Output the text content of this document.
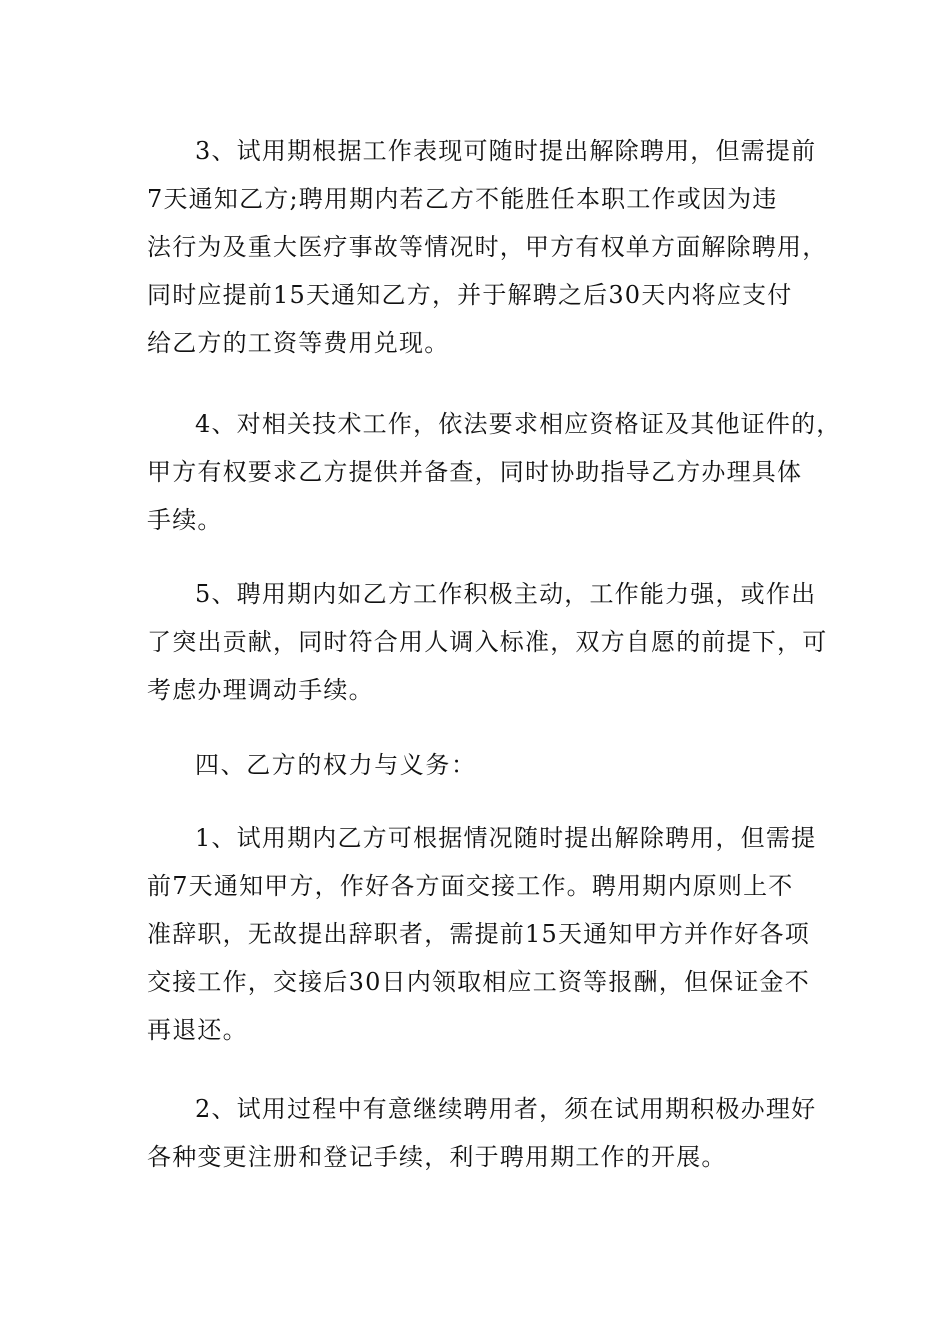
3、试用期根据工作表现可随时提出解除聘用，但需提前
7天通知乙方;聘用期内若乙方不能胜任本职工作或因为违
法行为及重大医疗事故等情况时，甲方有权单方面解除聘用，
同时应提前15天通知乙方，并于解聘之后30天内将应支付
给乙方的工资等费用兑现。
4、对相关技术工作，依法要求相应资格证及其他证件的，
甲方有权要求乙方提供并备查，同时协助指导乙方办理具体
手续。
5、聘用期内如乙方工作积极主动，工作能力强，或作出
了突出贡献，同时符合用人调入标准，双方自愿的前提下，可
考虑办理调动手续。
四、乙方的权力与义务：
1、试用期内乙方可根据情况随时提出解除聘用，但需提
前7天通知甲方，作好各方面交接工作。聘用期内原则上不
准辞职，无故提出辞职者，需提前15天通知甲方并作好各项
交接工作，交接后30日内领取相应工资等报酬，但保证金不
再退还。
2、试用过程中有意继续聘用者，须在试用期积极办理好
各种变更注册和登记手续，利于聘用期工作的开展。
